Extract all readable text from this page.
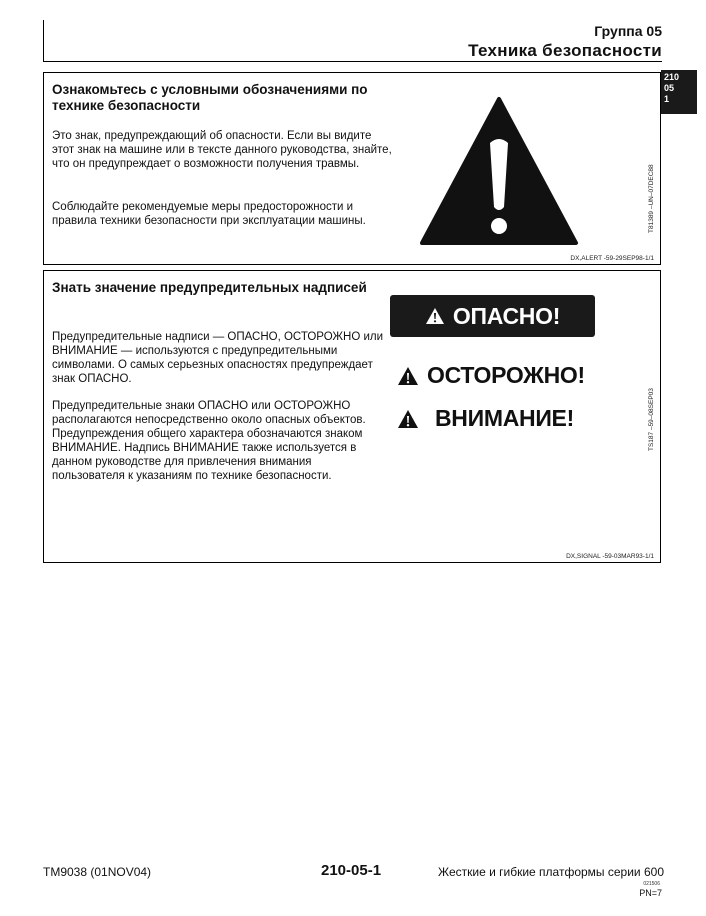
Группа 05
Техника безопасности
210
05
1
Ознакомьтесь с условными обозначениями по технике безопасности
Это знак, предупреждающий об опасности. Если вы видите этот знак на машине или в тексте данного руководства, знайте, что он предупреждает о возможности получения травмы.
Соблюдайте рекомендуемые меры предосторожности и правила техники безопасности при эксплуатации машины.	T81389 –UN–07DEC88
DX,ALERT -59-29SEP98-1/1
Знать значение предупредительных надписей
Предупредительные надписи — ОПАСНО, ОСТОРОЖНО или ВНИМАНИЕ — используются с предупредительными символами. О самых серьезных опасностях предупреждает знак ОПАСНО.
Предупредительные знаки ОПАСНО или ОСТОРОЖНО располагаются непосредственно около опасных объектов. Предупреждения общего характера обозначаются знаком ВНИМАНИЕ. Надпись ВНИМАНИЕ также используется в данном руководстве для привлечения внимания пользователя к указаниям по технике безопасности.
ОПАСНО!
ОСТОРОЖНО!
ВНИМАНИЕ!	TS187 –59–08SEP03
DX,SIGNAL -59-03MAR93-1/1
TM9038 (01NOV04)	210-05-1	Жесткие и гибкие платформы серии 600
021506
PN=7
